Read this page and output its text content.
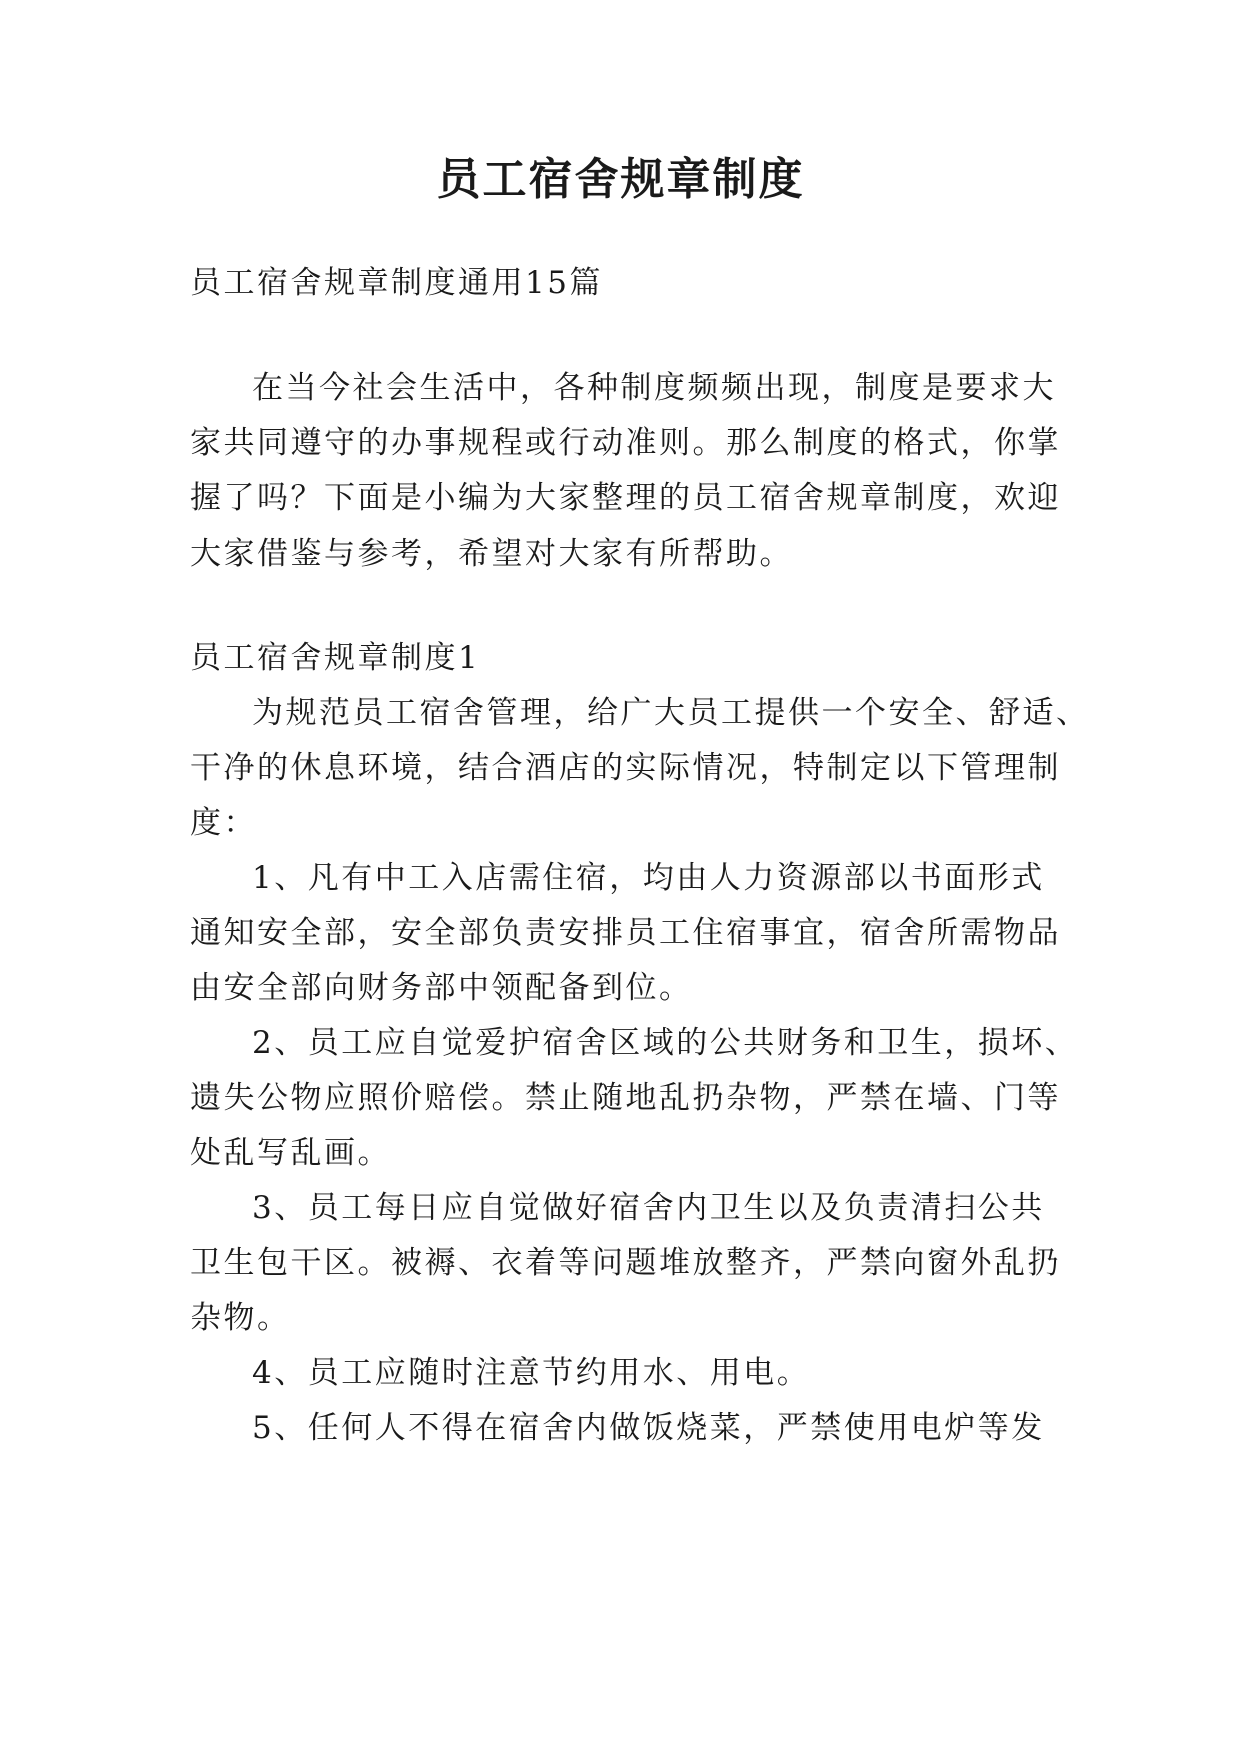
员工宿舍规章制度
员工宿舍规章制度通用15篇
在当今社会生活中，各种制度频频出现，制度是要求大
家共同遵守的办事规程或行动准则。那么制度的格式，你掌
握了吗？下面是小编为大家整理的员工宿舍规章制度，欢迎
大家借鉴与参考，希望对大家有所帮助。
员工宿舍规章制度1
为规范员工宿舍管理，给广大员工提供一个安全、舒适、
干净的休息环境，结合酒店的实际情况，特制定以下管理制
度：
1、凡有中工入店需住宿，均由人力资源部以书面形式
通知安全部，安全部负责安排员工住宿事宜，宿舍所需物品
由安全部向财务部中领配备到位。
2、员工应自觉爱护宿舍区域的公共财务和卫生，损坏、
遗失公物应照价赔偿。禁止随地乱扔杂物，严禁在墙、门等
处乱写乱画。
3、员工每日应自觉做好宿舍内卫生以及负责清扫公共
卫生包干区。被褥、衣着等问题堆放整齐，严禁向窗外乱扔
杂物。
4、员工应随时注意节约用水、用电。
5、任何人不得在宿舍内做饭烧菜，严禁使用电炉等发
